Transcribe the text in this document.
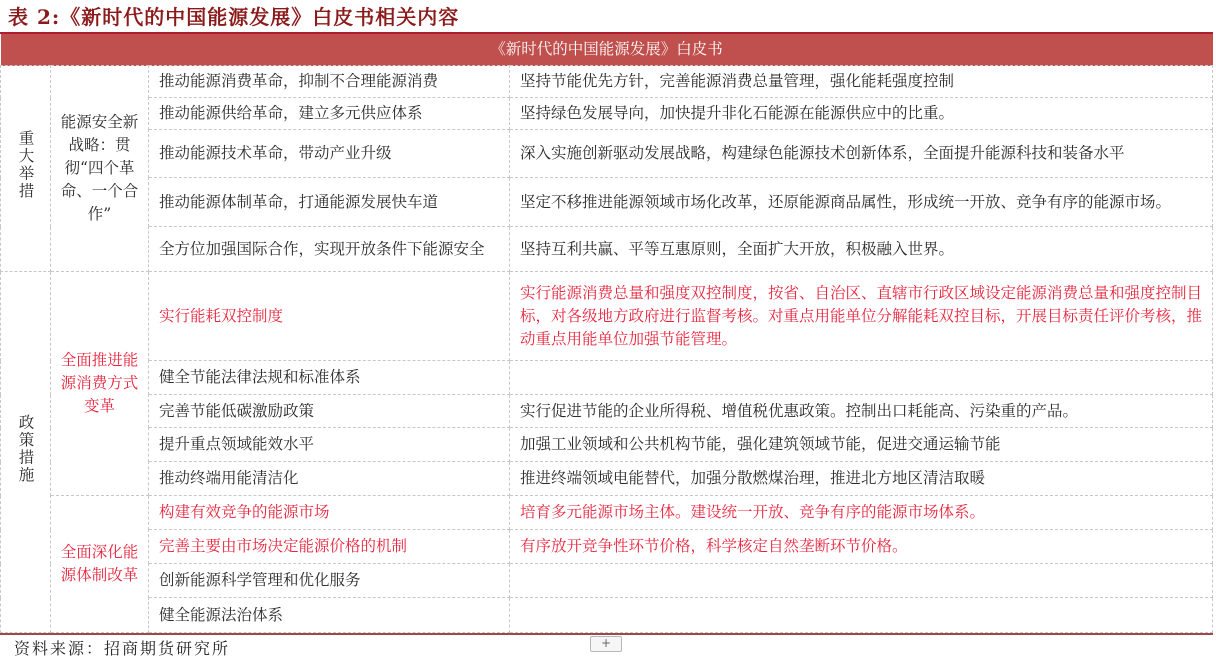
表 2:《新时代的中国能源发展》白皮书相关内容
《新时代的中国能源发展》白皮书			
重大举措	能源安全新战略：贯彻“四个革命、一个合作”	推动能源消费革命，抑制不合理能源消费	坚持节能优先方针，完善能源消费总量管理，强化能耗强度控制
		推动能源供给革命，建立多元供应体系	坚持绿色发展导向，加快提升非化石能源在能源供应中的比重。
		推动能源技术革命，带动产业升级	深入实施创新驱动发展战略，构建绿色能源技术创新体系，全面提升能源科技和装备水平
		推动能源体制革命，打通能源发展快车道	坚定不移推进能源领域市场化改革，还原能源商品属性，形成统一开放、竞争有序的能源市场。
		全方位加强国际合作，实现开放条件下能源安全	坚持互利共赢、平等互惠原则，全面扩大开放，积极融入世界。
政策措施	全面推进能源消费方式变革	实行能耗双控制度	实行能源消费总量和强度双控制度，按省、自治区、直辖市行政区域设定能源消费总量和强度控制目标，对各级地方政府进行监督考核。对重点用能单位分解能耗双控目标，开展目标责任评价考核，推动重点用能单位加强节能管理。
		健全节能法律法规和标准体系	
		完善节能低碳激励政策	实行促进节能的企业所得税、增值税优惠政策。控制出口耗能高、污染重的产品。
		提升重点领域能效水平	加强工业领域和公共机构节能，强化建筑领域节能，促进交通运输节能
		推动终端用能清洁化	推进终端领域电能替代，加强分散燃煤治理，推进北方地区清洁取暖
	全面深化能源体制改革	构建有效竞争的能源市场	培育多元能源市场主体。建设统一开放、竞争有序的能源市场体系。
		完善主要由市场决定能源价格的机制	有序放开竞争性环节价格，科学核定自然垄断环节价格。
		创新能源科学管理和优化服务	
		健全能源法治体系	
资料来源：招商期货研究所	+
